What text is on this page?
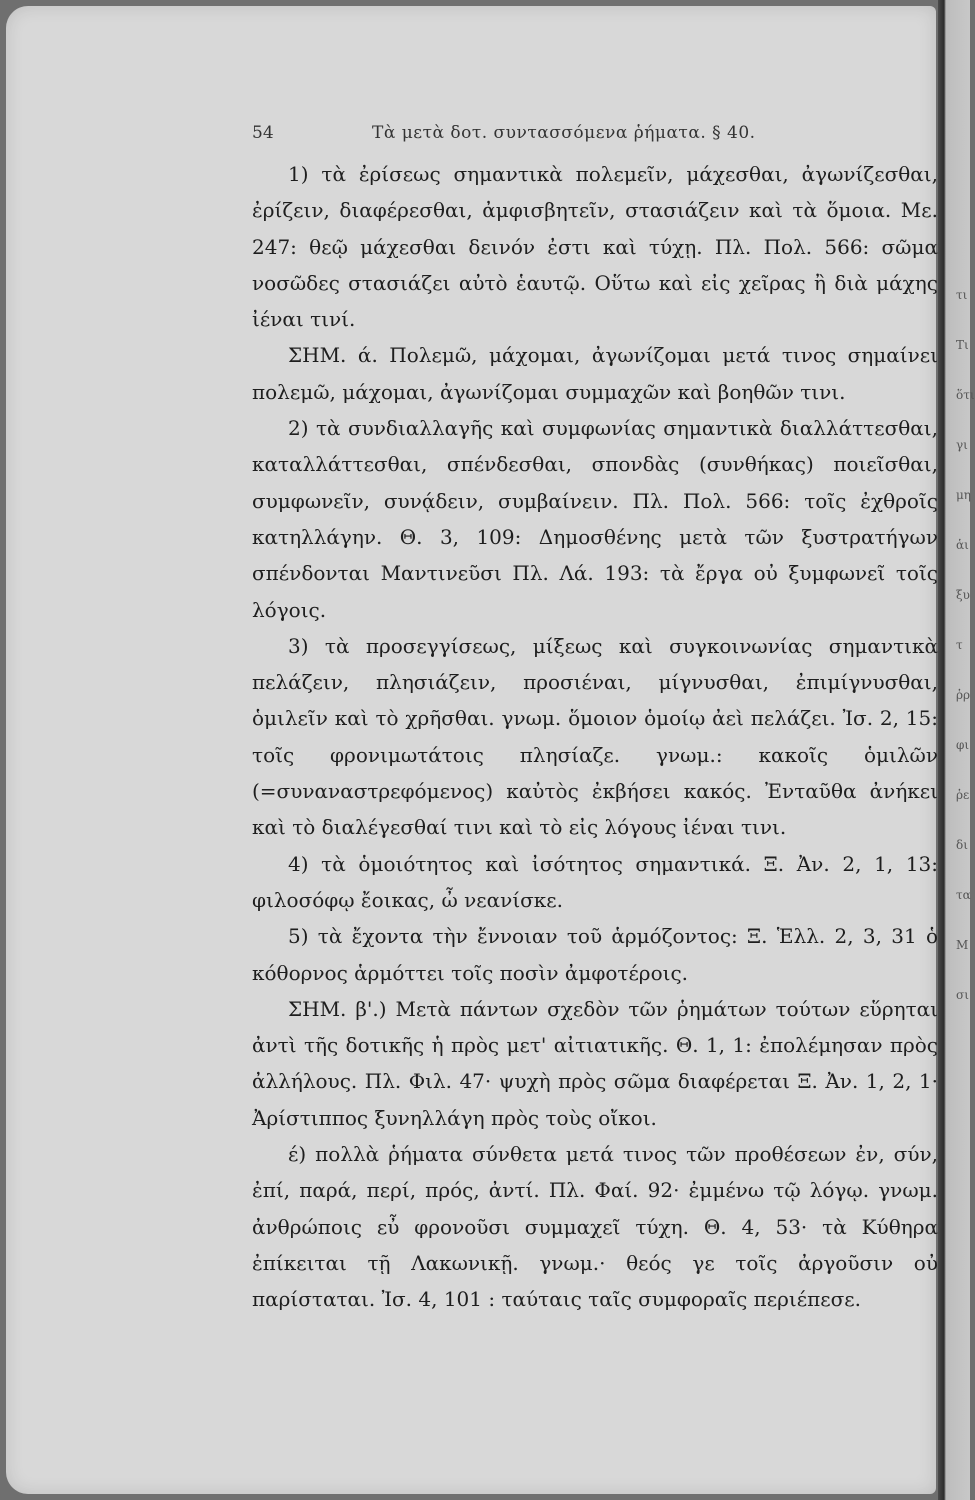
54	Τὰ μετὰ δοτ. συντασσόμενα ῥήματα. § 40.

1) τὰ ἐρίσεως σημαντικὰ πολεμεῖν, μάχεσθαι, ἀγωνίζεσθαι, ἐρίζειν, διαφέρεσθαι, ἀμφισβητεῖν, στασιάζειν καὶ τὰ ὅμοια. Με. 247: θεῷ μάχεσθαι δεινόν ἐστι καὶ τύχῃ. Πλ. Πολ. 566: σῶμα νοσῶδες στασιάζει αὐτὸ ἑαυτῷ. Οὕτω καὶ εἰς χεῖρας ἢ διὰ μάχης ἰέναι τινί.

ΣΗΜ. ά. Πολεμῶ, μάχομαι, ἀγωνίζομαι μετά τινος σημαίνει πολεμῶ, μάχομαι, ἀγωνίζομαι συμμαχῶν καὶ βοηθῶν τινι.

2) τὰ συνδιαλλαγῆς καὶ συμφωνίας σημαντικὰ διαλλάττεσθαι, καταλλάττεσθαι, σπένδεσθαι, σπονδὰς (συνθήκας) ποιεῖσθαι, συμφωνεῖν, συνᾴδειν, συμβαίνειν. Πλ. Πολ. 566: τοῖς ἐχθροῖς κατηλλάγην. Θ. 3, 109: Δημοσθένης μετὰ τῶν ξυστρατήγων σπένδονται Μαντινεῦσι Πλ. Λά. 193: τὰ ἔργα οὐ ξυμφωνεῖ τοῖς λόγοις.

3) τὰ προσεγγίσεως, μίξεως καὶ συγκοινωνίας σημαντικὰ πελάζειν, πλησιάζειν, προσιέναι, μίγνυσθαι, ἐπιμίγνυσθαι, ὁμιλεῖν καὶ τὸ χρῆσθαι. γνωμ. ὅμοιον ὁμοίῳ ἀεὶ πελάζει. Ἰσ. 2, 15: τοῖς φρονιμωτάτοις πλησίαζε. γνωμ.: κακοῖς ὁμιλῶν (=συναναστρεφόμενος) καὐτὸς ἐκβήσει κακός. Ἐνταῦθα ἀνήκει καὶ τὸ διαλέγεσθαί τινι καὶ τὸ εἰς λόγους ἰέναι τινι.

4) τὰ ὁμοιότητος καὶ ἰσότητος σημαντικά. Ξ. Ἀν. 2, 1, 13: φιλοσόφῳ ἔοικας, ὦ νεανίσκε.

5) τὰ ἔχοντα τὴν ἔννοιαν τοῦ ἁρμόζοντος: Ξ. Ἑλλ. 2, 3, 31 ὁ κόθορνος ἁρμόττει τοῖς ποσὶν ἀμφοτέροις.

ΣΗΜ. β'.) Μετὰ πάντων σχεδὸν τῶν ῥημάτων τούτων εὕρηται ἀντὶ τῆς δοτικῆς ἡ πρὸς μετ' αἰτιατικῆς. Θ. 1, 1: ἐπολέμησαν πρὸς ἀλλήλους. Πλ. Φιλ. 47· ψυχὴ πρὸς σῶμα διαφέρεται Ξ. Ἀν. 1, 2, 1· Ἀρίστιππος ξυνηλλάγη πρὸς τοὺς οἴκοι.

έ) πολλὰ ῥήματα σύνθετα μετά τινος τῶν προθέσεων ἐν, σύν, ἐπί, παρά, περί, πρός, ἀντί. Πλ. Φαί. 92· ἐμμένω τῷ λόγῳ. γνωμ. ἀνθρώποις εὖ φρονοῦσι συμμαχεῖ τύχη. Θ. 4, 53· τὰ Κύθηρα ἐπίκειται τῇ Λακωνικῇ. γνωμ.· θεός γε τοῖς ἀργοῦσιν οὐ παρίσταται. Ἰσ. 4, 101 : ταύταις ταῖς συμφοραῖς περιέπεσε.

τι
Τι
ὅτι
γι
μη
ἁι
ξυ
τ
ῥρ
φι
ῥε
δι
τα
Μ
σι
